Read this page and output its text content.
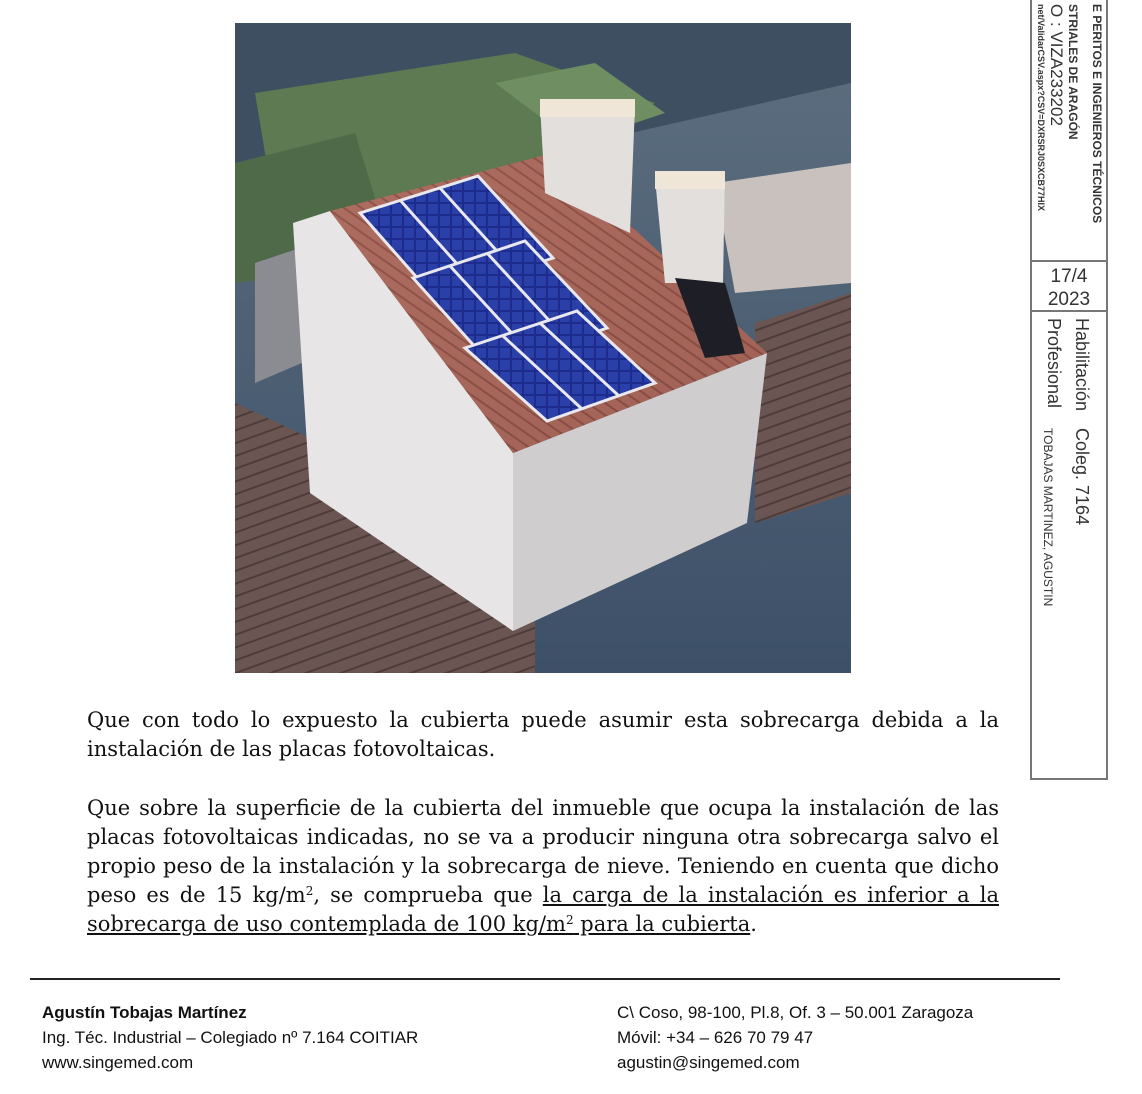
Que con todo lo expuesto la cubierta puede asumir esta sobrecarga debida a la instalación de las placas fotovoltaicas.

Que sobre la superficie de la cubierta del inmueble que ocupa la instalación de las placas fotovoltaicas indicadas, no se va a producir ninguna otra sobrecarga salvo el propio peso de la instalación y la sobrecarga de nieve. Teniendo en cuenta que dicho peso es de 15 $kg/m^2$, se comprueba que la carga de la instalación es inferior a la sobrecarga de uso contemplada de 100 $kg/m^2$ para la cubierta.

Agustín Tobajas Martínez
Ing. Téc. Industrial – Colegiado nº 7.164 COITIAR
www.singemed.com
C\ Coso, 98-100, Pl.8, Of. 3 – 50.001 Zaragoza
Móvil: +34 – 626 70 79 47
agustin@singemed.com
E PERITOS E INGENIEROS TÉCNICOS
STRIALES DE ARAGÓN
O : VIZA233202
net/ValidarCSV.aspx?CSV=DXRSRJ0SXCB77HIX
17/4
2023
Habilitación
Coleg. 7164
Profesional
TOBAJAS MARTINEZ, AGUSTIN
